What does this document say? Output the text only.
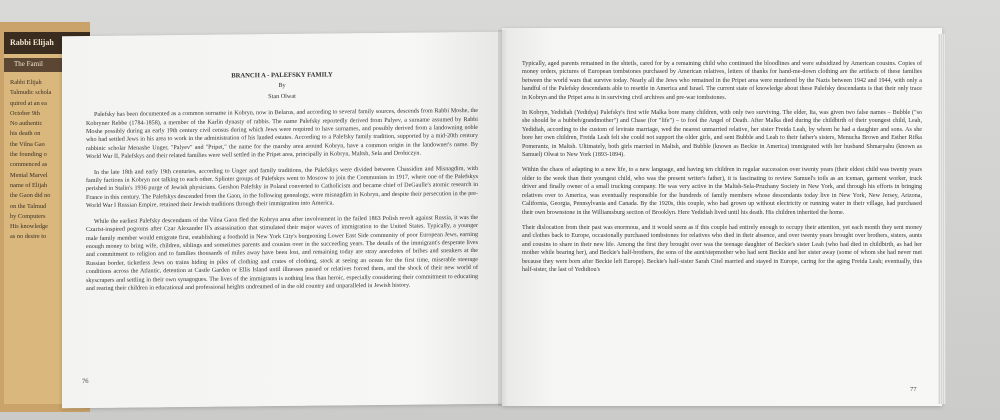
Rabbi Elijah
The Famil
Rabbi Elijah
Talmudic schola
quired at an ea
October 9th
No authentic
his death on
the Vilna Gao
the founding o
commenced as
Mental Marvel
name of Elijah
the Gaon did no
on the Talmud
by Computers
His knowledge
as no desire to
BRANCH A - PALEFSKY FAMILY
By
Stan Olwat

Palefsky has been documented as a common surname in Kobryn, now in Belarus, and according to several family sources, descends from Rabbi Moshe, the Kobryner Rebbe (1784-1858), a member of the Karlin dynasty of rabbis. The name Palefsky reportedly derived from Palyev, a surname assumed by Rabbi Moshe possibly during an early 19th century civil census during which Jews were required to have surnames, and possibly derived from a landowning noble who had settled Jews in his area to work in the administration of his landed estates. According to a Palefsky family tradition, supported by a mid-20th century rabbinic scholar Menashe Unger, "Palyev" and "Pripet," the name for the marshy area around Kobryn, have a common origin in the landowner's name. By World War II, Palefskys and their related families were well settled in the Pripet area, principally in Kobryn, Maltsh, Sela and Drohiczyn.

In the late 18th and early 19th centuries, according to Unger and family traditions, the Palefskys were divided between Chassidim and Misnagdim, with family factions in Kobryn not talking to each other. Splinter groups of Palefskys went to Moscow to join the Communists in 1917, where one of the Palefskys perished in Stalin's 1936 purge of Jewish physicians. Gershon Palefsky in Poland converted to Catholicism and became chief of DeGaulle's atomic research in France in this century. The Palefskys descended from the Gaon, in the following genealogy, were misnagdim in Kobryn, and despite their persecution in the pre-World War I Russian Empire, retained their Jewish traditions through their immigration into America.

While the earliest Palefsky descendants of the Vilna Gaon fled the Kobryn area after involvement in the failed 1863 Polish revolt against Russia, it was the Czarist-inspired pogroms after Czar Alexander II's assassination that stimulated their major waves of immigration to the United States. Typically, a younger male family member would emigrate first, establishing a foothold in New York City's burgeoning Lower East Side community of poor European Jews, earning enough money to bring wife, children, siblings and sometimes parents and cousins over in the succeeding years. The details of the immigrant's desperate lives and commitment to religion and to families thousands of miles away have been lost, and remaining today are stray anecdotes of bribes and sneakers at the Russian border, ticketless Jews on trains hiding in piles of clothing and crates of clothing, stock at seeing an ocean for the first time, miserable steerage conditions across the Atlantic, detention at Castle Garden or Ellis Island until illnesses passed or relatives forced them, and the shock of their new world of skyscrapers and settling in their own synagogues. The lives of the immigrants is nothing less than heroic, especially considering their commitment to educating and rearing their children in educational and professional heights undreamed of in the old country and unparalleled in Jewish history.

76

Typically, aged parents remained in the shtetls, cared for by a remaining child who continued the bloodlines and were subsidized by American cousins. Copies of money orders, pictures of European tombstones purchased by American relatives, letters of thanks for hand-me-down clothing are the artifacts of these families between the world wars that survive today. Nearly all the Jews who remained in the Pripet area were murdered by the Nazis between 1942 and 1944, with only a handful of the Palefsky descendants able to resettle in America and Israel. The current state of knowledge about these Palefsky descendants is that their only trace in Kobryn and the Pripet area is in surviving civil archives and pre-war tombstones.

In Kobryn, Yedidiah (Yedidya) Palefsky's first wife Malka bore many children, with only two surviving. The elder, Ita, was given two false names – Bubble ("so she should be a bubbeh/grandmother") and Chase (for "life") – to fool the Angel of Death. After Malka died during the childbirth of their youngest child, Leah, Yedidiah, according to the custom of levirate marriage, wed the nearest unmarried relative, her sister Freida Leah, by whom he had a daughter and sons. As she bore her own children, Freida Leah felt she could not support the older girls, and sent Bubble and Leah to their father's sisters, Menucha Brown and Esther Rifka Pomerantz, in Maltsh. Ultimately, both girls married in Maltsh, and Bubble (known as Beckie in America) immigrated with her husband Shmaryahu (known as Samuel) Olwat to New York (1893-1894).

Within the chaos of adapting to a new life, to a new language, and having ten children in regular succession over twenty years (their eldest child was twenty years older to the week than their youngest child, who was the present writer's father), it is fascinating to review Samuel's toils as an iceman, garment worker, truck driver and finally owner of a small trucking company. He was very active in the Maltsh-Sela-Pruzhany Society in New York, and through his efforts in bringing relatives over to America, was eventually responsible for the hundreds of family members whose descendants today live in New York, New Jersey, Arizona, California, Georgia, Pennsylvania and Canada. By the 1920s, this couple, who had grown up without electricity or running water in their village, had purchased their own brownstone in the Williamsburg section of Brooklyn. Here Yedidiah lived until his death. His children inherited the home.

Their dislocation from their past was enormous, and it would seem as if this couple had entirely enough to occupy their attention, yet each month they sent money and clothes back to Europe, occasionally purchased tombstones for relatives who died in their absence, and over twenty years brought over brothers, sisters, aunts and cousins to share in their new life. Among the first they brought over was the teenage daughter of Beckie's sister Leah (who had died in childbirth, as had her mother while bearing her), and Beckie's half-brothers, the sons of the aunt/stepmother who had sent Beckie and her sister away (some of whom she had never met because they were born after Beckie left Europe). Beckie's half-sister Sarah Citel married and stayed in Europe, caring for the aging Freida Leah; eventually, this half-sister, the last of Yedidiou's

77
